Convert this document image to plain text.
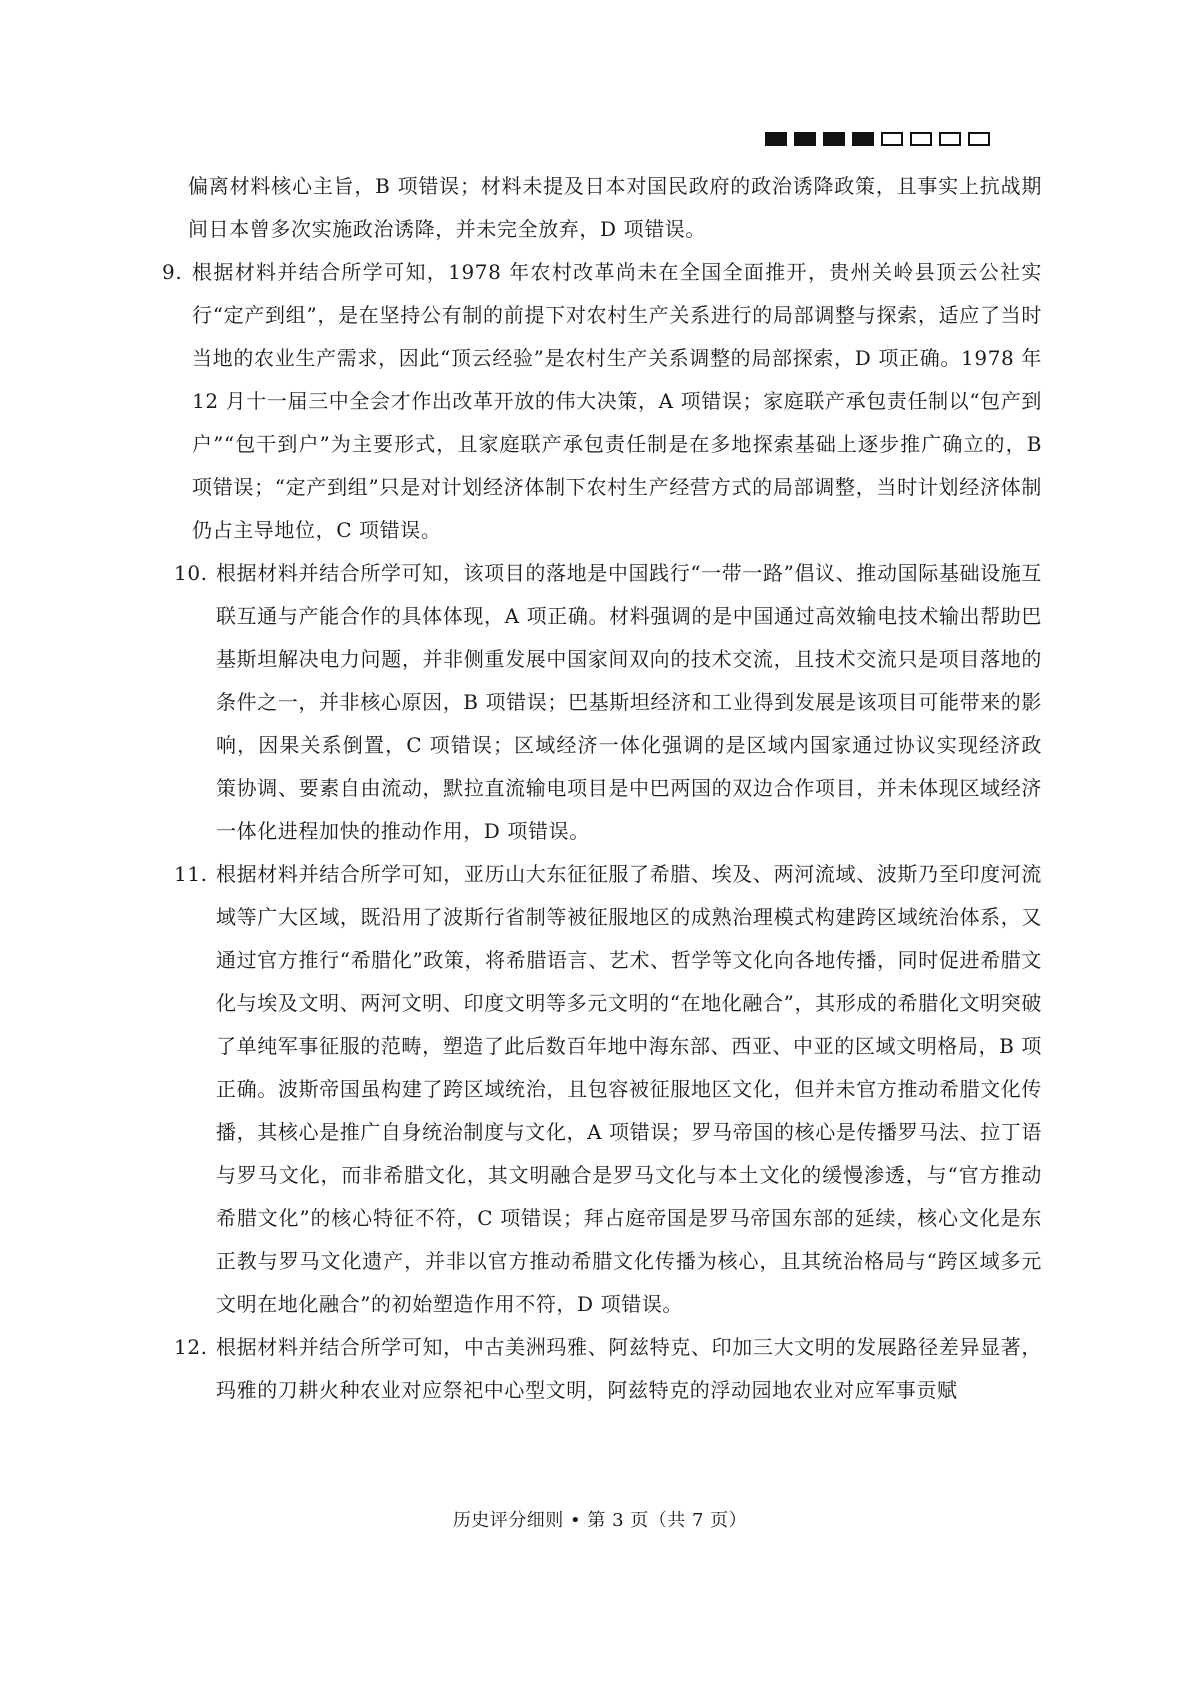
偏离材料核心主旨，B 项错误；材料未提及日本对国民政府的政治诱降政策，且事实上抗战期间日本曾多次实施政治诱降，并未完全放弃，D 项错误。

9. 根据材料并结合所学可知，1978 年农村改革尚未在全国全面推开，贵州关岭县顶云公社实行“定产到组”，是在坚持公有制的前提下对农村生产关系进行的局部调整与探索，适应了当时当地的农业生产需求，因此“顶云经验”是农村生产关系调整的局部探索，D 项正确。1978 年 12 月十一届三中全会才作出改革开放的伟大决策，A 项错误；家庭联产承包责任制以“包产到户”“包干到户”为主要形式，且家庭联产承包责任制是在多地探索基础上逐步推广确立的，B 项错误；“定产到组”只是对计划经济体制下农村生产经营方式的局部调整，当时计划经济体制仍占主导地位，C 项错误。
10. 根据材料并结合所学可知，该项目的落地是中国践行“一带一路”倡议、推动国际基础设施互联互通与产能合作的具体体现，A 项正确。材料强调的是中国通过高效输电技术输出帮助巴基斯坦解决电力问题，并非侧重发展中国家间双向的技术交流，且技术交流只是项目落地的条件之一，并非核心原因，B 项错误；巴基斯坦经济和工业得到发展是该项目可能带来的影响，因果关系倒置，C 项错误；区域经济一体化强调的是区域内国家通过协议实现经济政策协调、要素自由流动，默拉直流输电项目是中巴两国的双边合作项目，并未体现区域经济一体化进程加快的推动作用，D 项错误。
11. 根据材料并结合所学可知，亚历山大东征征服了希腊、埃及、两河流域、波斯乃至印度河流域等广大区域，既沿用了波斯行省制等被征服地区的成熟治理模式构建跨区域统治体系，又通过官方推行“希腊化”政策，将希腊语言、艺术、哲学等文化向各地传播，同时促进希腊文化与埃及文明、两河文明、印度文明等多元文明的“在地化融合”，其形成的希腊化文明突破了单纯军事征服的范畴，塑造了此后数百年地中海东部、西亚、中亚的区域文明格局，B 项正确。波斯帝国虽构建了跨区域统治，且包容被征服地区文化，但并未官方推动希腊文化传播，其核心是推广自身统治制度与文化，A 项错误；罗马帝国的核心是传播罗马法、拉丁语与罗马文化，而非希腊文化，其文明融合是罗马文化与本土文化的缓慢渗透，与“官方推动希腊文化”的核心特征不符，C 项错误；拜占庭帝国是罗马帝国东部的延续，核心文化是东正教与罗马文化遗产，并非以官方推动希腊文化传播为核心，且其统治格局与“跨区域多元文明在地化融合”的初始塑造作用不符，D 项错误。
12. 根据材料并结合所学可知，中古美洲玛雅、阿兹特克、印加三大文明的发展路径差异显著，玛雅的刀耕火种农业对应祭祀中心型文明，阿兹特克的浮动园地农业对应军事贡赋
历史评分细则 • 第 3 页（共 7 页）
